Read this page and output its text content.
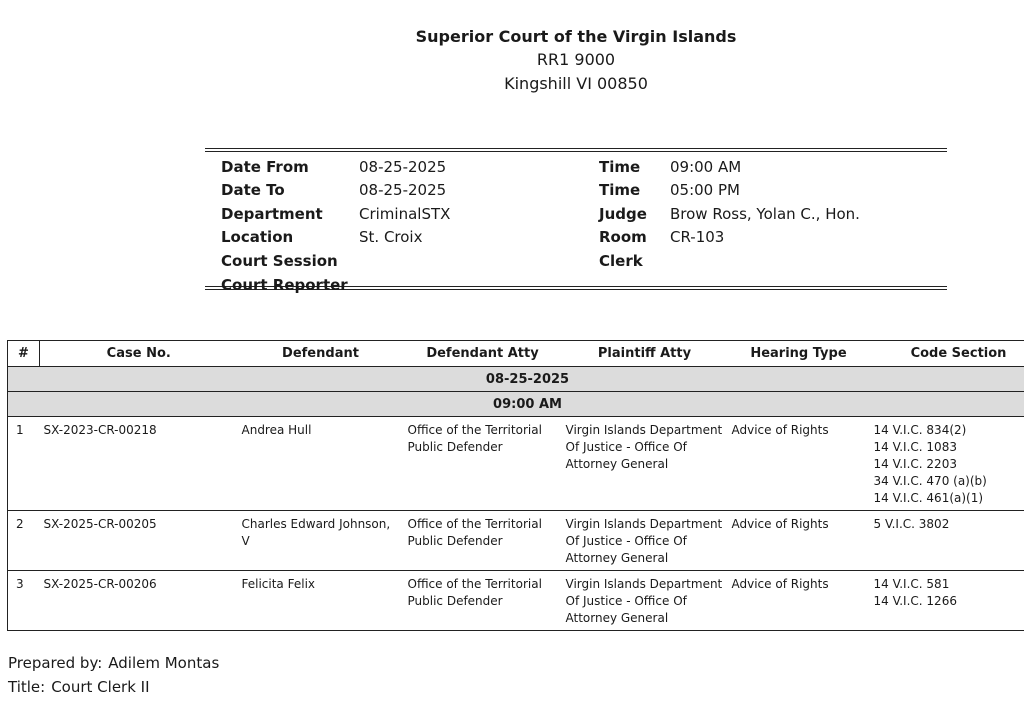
Superior Court of the Virgin Islands
RR1 9000
Kingshill VI 00850
Date From	08-25-2025	Time 09:00 AM
Date To	08-25-2025	Time 05:00 PM
Department CriminalSTX	Judge Brow Ross, Yolan C., Hon.
Location	St. Croix	Room CR-103
Court Session	Clerk
Court Reporter
#	Case No.	Defendant	Defendant Atty	Plaintiff Atty	Hearing Type	Code Section
08-25-2025						
09:00 AM						
1	SX-2023-CR-00218	Andrea Hull	Office of the Territorial Public Defender	Virgin Islands Department Of Justice - Office Of Attorney General	Advice of Rights	14 V.I.C. 834(2)
14 V.I.C. 1083
14 V.I.C. 2203
34 V.I.C. 470 (a)(b)
14 V.I.C. 461(a)(1)

2	SX-2025-CR-00205	Charles Edward Johnson, V	Office of the Territorial Public Defender	Virgin Islands Department Of Justice - Office Of Attorney General	Advice of Rights	5 V.I.C. 3802

3	SX-2025-CR-00206	Felicita Felix	Office of the Territorial Public Defender	Virgin Islands Department Of Justice - Office Of Attorney General	Advice of Rights	14 V.I.C. 581
14 V.I.C. 1266
Prepared by: Adilem Montas
Title: Court Clerk II
